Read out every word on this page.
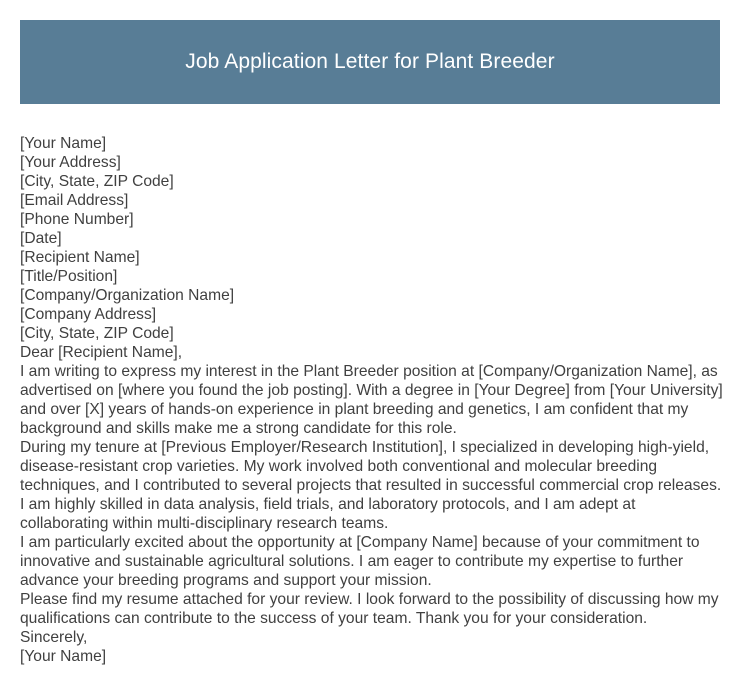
Job Application Letter for Plant Breeder
[Your Name]
[Your Address]
[City, State, ZIP Code]
[Email Address]
[Phone Number]
[Date]
[Recipient Name]
[Title/Position]
[Company/Organization Name]
[Company Address]
[City, State, ZIP Code]
Dear [Recipient Name],
I am writing to express my interest in the Plant Breeder position at [Company/Organization Name], as advertised on [where you found the job posting]. With a degree in [Your Degree] from [Your University] and over [X] years of hands-on experience in plant breeding and genetics, I am confident that my background and skills make me a strong candidate for this role.
During my tenure at [Previous Employer/Research Institution], I specialized in developing high-yield, disease-resistant crop varieties. My work involved both conventional and molecular breeding techniques, and I contributed to several projects that resulted in successful commercial crop releases. I am highly skilled in data analysis, field trials, and laboratory protocols, and I am adept at collaborating within multi-disciplinary research teams.
I am particularly excited about the opportunity at [Company Name] because of your commitment to innovative and sustainable agricultural solutions. I am eager to contribute my expertise to further advance your breeding programs and support your mission.
Please find my resume attached for your review. I look forward to the possibility of discussing how my qualifications can contribute to the success of your team. Thank you for your consideration.
Sincerely,
[Your Name]
